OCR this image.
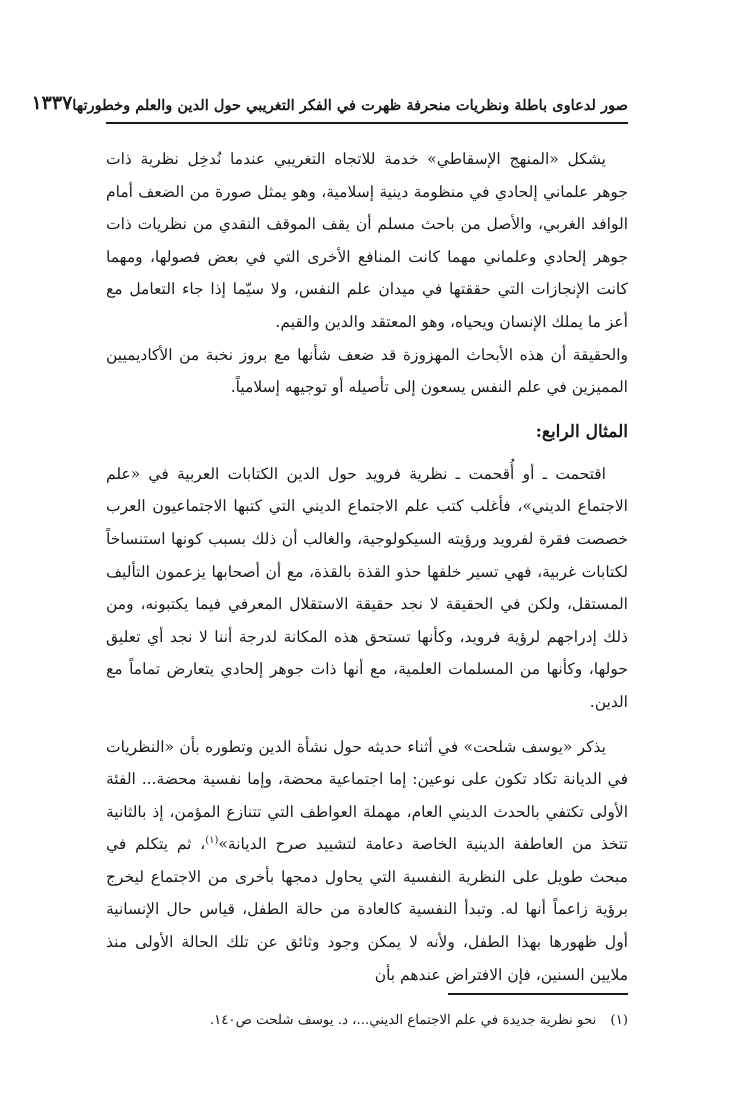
صور لدعاوى باطلة ونظريات منحرفة ظهرت في الفكر التغريبي حول الدين والعلم وخطورتها
١٣٣٧

يشكل «المنهج الإسقاطي» خدمة للاتجاه التغريبي عندما نُدخِل نظرية ذات جوهر علماني إلحادي في منظومة دينية إسلامية، وهو يمثل صورة من الضعف أمام الوافد الغربي، والأصل من باحث مسلم أن يقف الموقف النقدي من نظريات ذات جوهر إلحادي وعلماني مهما كانت المنافع الأخرى التي في بعض فصولها، ومهما كانت الإنجازات التي حققتها في ميدان علم النفس، ولا سيّما إذا جاء التعامل مع أعز ما يملك الإنسان ويحياه، وهو المعتقد والدين والقيم.

والحقيقة أن هذه الأبحاث المهزوزة قد ضعف شأنها مع بروز نخبة من الأكاديميين المميزين في علم النفس يسعون إلى تأصيله أو توجيهه إسلامياً.

المثال الرابع:

اقتحمت ـ أو أُقحمت ـ نظرية فرويد حول الدين الكتابات العربية في «علم الاجتماع الديني»، فأغلب كتب علم الاجتماع الديني التي كتبها الاجتماعيون العرب خصصت فقرة لفرويد ورؤيته السيكولوجية، والغالب أن ذلك بسبب كونها استنساخاً لكتابات غربية، فهي تسير خلفها حذو القذة بالقذة، مع أن أصحابها يزعمون التأليف المستقل، ولكن في الحقيقة لا نجد حقيقة الاستقلال المعرفي فيما يكتبونه، ومن ذلك إدراجهم لرؤية فرويد، وكأنها تستحق هذه المكانة لدرجة أننا لا نجد أي تعليق حولها، وكأنها من المسلمات العلمية، مع أنها ذات جوهر إلحادي يتعارض تماماً مع الدين.

يذكر «يوسف شلحت» في أثناء حديثه حول نشأة الدين وتطوره بأن «النظريات في الديانة تكاد تكون على نوعين: إما اجتماعية محضة، وإما نفسية محضة... الفئة الأولى تكتفي بالحدث الديني العام، مهملة العواطف التي تتنازع المؤمن، إذ بالثانية تتخذ من العاطفة الدينية الخاصة دعامة لتشييد صرح الديانة»$^{(١)}$، ثم يتكلم في مبحث طويل على النظرية النفسية التي يحاول دمجها بأخرى من الاجتماع ليخرج برؤية زاعماً أنها له. وتبدأ النفسية كالعادة من حالة الطفل، قياس حال الإنسانية أول ظهورها بهذا الطفل، ولأنه لا يمكن وجود وثائق عن تلك الحالة الأولى منذ ملايين السنين، فإن الافتراض عندهم بأن

(١)
نحو نظرية جديدة في علم الاجتماع الديني...، د. يوسف شلحت ص١٤٠.
